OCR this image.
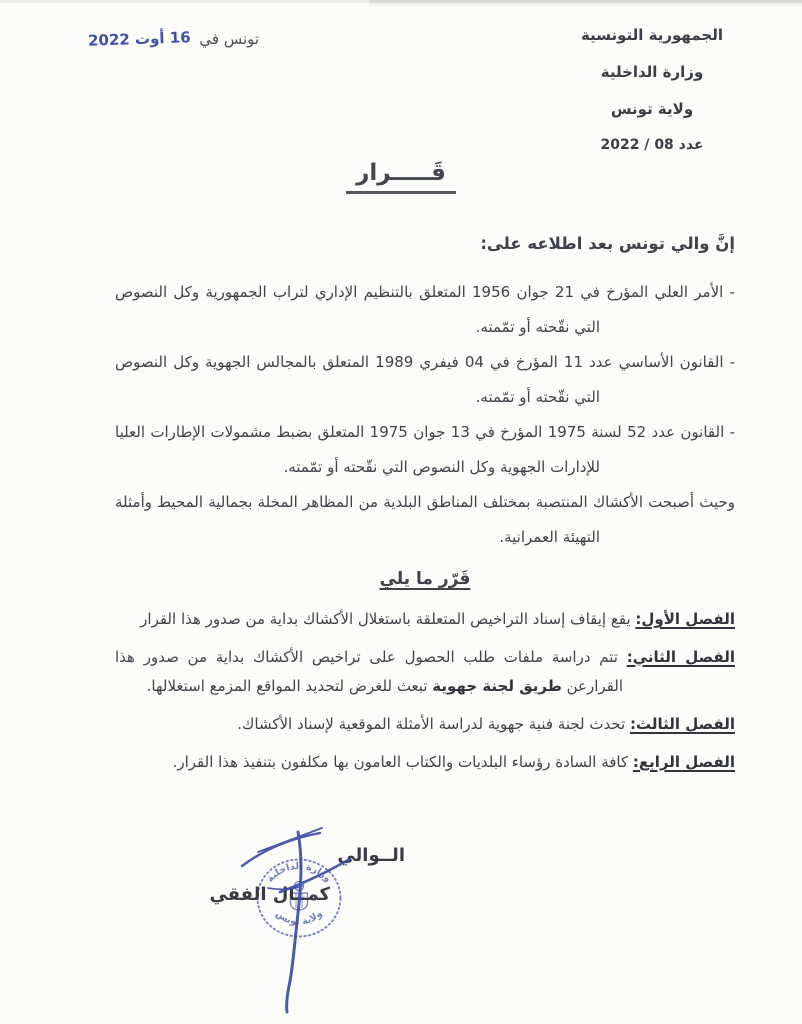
تونس في 16 أوت 2022	الجمهورية التونسية
وزارة الداخلية
ولاية تونس
عدد 08 ‏/ 2022
قَـــــرار

إنَّ والي تونس بعد اطلاعه على:

- الأمر العلي المؤرخ في 21 جوان 1956 المتعلق بالتنظيم الإداري لتراب الجمهورية وكل النصوص التي نقّحته أو تمّمته.

- القانون الأساسي عدد 11 المؤرخ في 04 فيفري 1989 المتعلق بالمجالس الجهوية وكل النصوص التي نقّحته أو تمّمته.

- القانون عدد 52 لسنة 1975 المؤرخ في 13 جوان 1975 المتعلق بضبط مشمولات الإطارات العليا للإدارات الجهوية وكل النصوص التي نقّحته أو تمّمته.

وحيث أصبحت الأكشاك المنتصبة بمختلف المناطق البلدية من المظاهر المخلة بجمالية المحيط وأمثلة التهيئة العمرانية.

قَرّر ما يلي

الفصل الأول: يقع إيقاف إسناد التراخيص المتعلقة باستغلال الأكشاك بداية من صدور هذا القرار

الفصل الثاني: تتم دراسة ملفات طلب الحصول على تراخيص الأكشاك بداية من صدور هذا القرارعن طريق لجنة جهوية تبعث للغرض لتحديد المواقع المزمع استغلالها.

الفصل الثالث: تحدث لجنة فنية جهوية لدراسة الأمثلة الموقعية لإسناد الأكشاك.

الفصل الرابع: كافة السادة رؤساء البلديات والكتاب العامون بها مكلفون بتنفيذ هذا القرار.

وزارة الداخلية
ولاية تونس
الــوالي
كمــال الفقي
